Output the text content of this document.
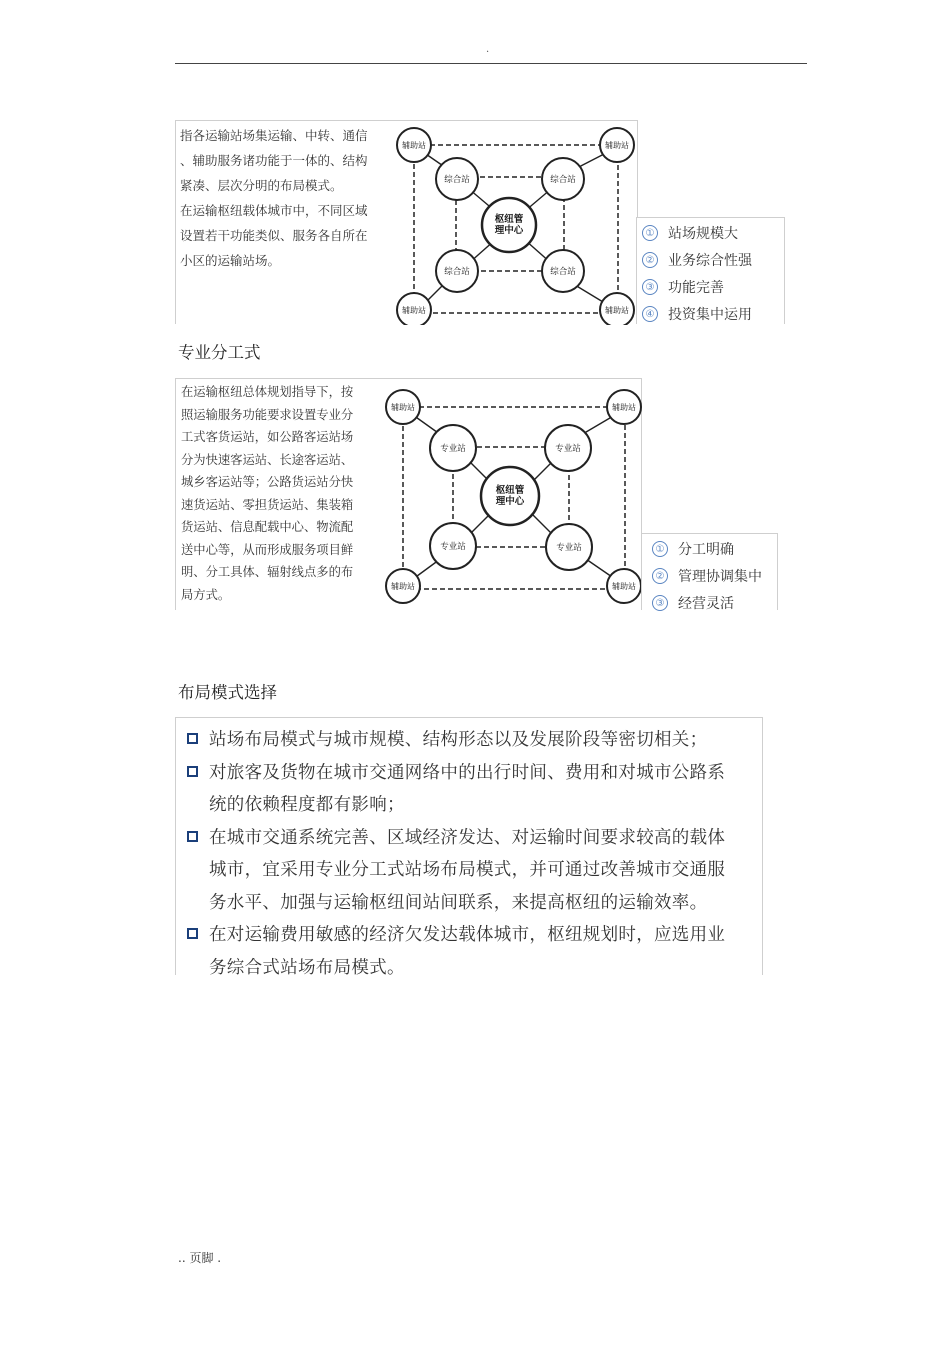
.
指各运输站场集运输、中转、通信
、辅助服务诸功能于一体的、结构
紧凑、层次分明的布局模式。
在运输枢纽载体城市中，不同区域
设置若干功能类似、服务各自所在
小区的运输站场。
辅助站	辅助站
辅助站	辅助站
综合站	综合站
综合站	综合站
枢纽管理中心	① 站场规模大
② 业务综合性强
③ 功能完善
④ 投资集中运用
专业分工式
在运输枢纽总体规划指导下，按
照运输服务功能要求设置专业分
工式客货运站，如公路客运站场
分为快速客运站、长途客运站、
城乡客运站等；公路货运站分快
速货运站、零担货运站、集装箱
货运站、信息配载中心、物流配
送中心等，从而形成服务项目鲜
明、分工具体、辐射线点多的布
局方式。
辅助站	辅助站
辅助站	辅助站
专业站	专业站
专业站	专业站
枢纽管理中心
① 分工明确
② 管理协调集中
③ 经营灵活
布局模式选择
站场布局模式与城市规模、结构形态以及发展阶段等密切相关；
对旅客及货物在城市交通网络中的出行时间、费用和对城市公路系
统的依赖程度都有影响；
在城市交通系统完善、区域经济发达、对运输时间要求较高的载体
城市，宜采用专业分工式站场布局模式，并可通过改善城市交通服
务水平、加强与运输枢纽间站间联系，来提高枢纽的运输效率。
在对运输费用敏感的经济欠发达载体城市，枢纽规划时，应选用业
务综合式站场布局模式。
.. 页脚 .
